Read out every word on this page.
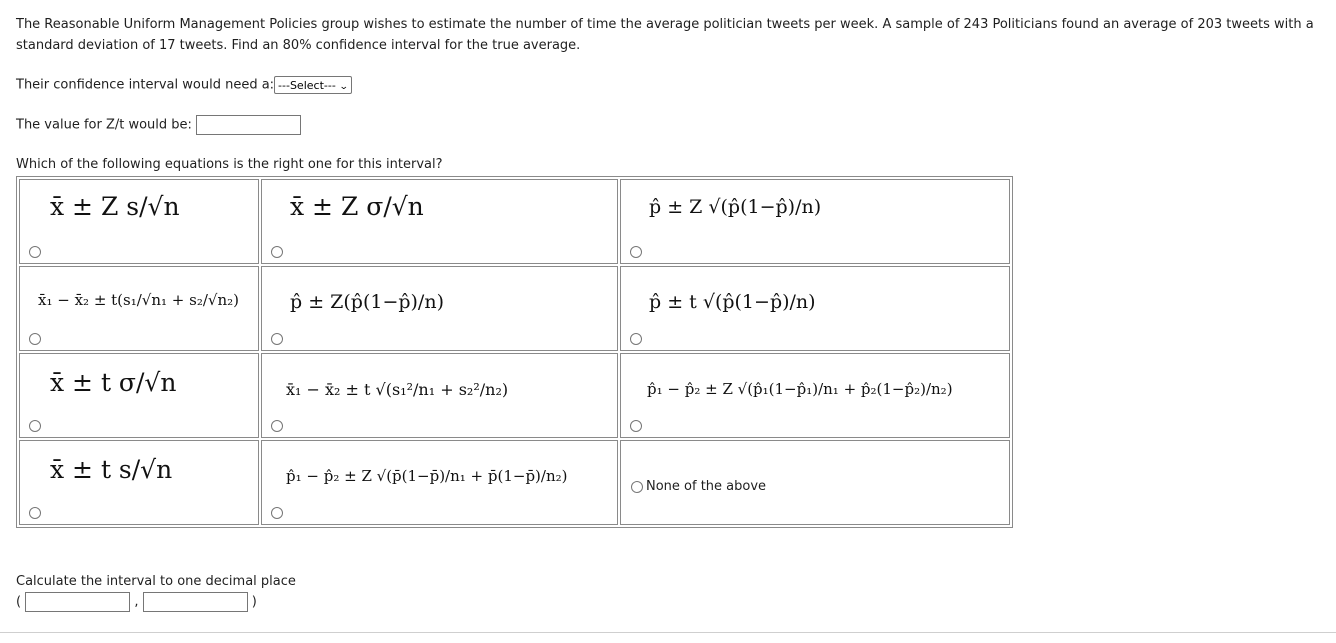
The Reasonable Uniform Management Policies group wishes to estimate the number of time the average politician tweets per week. A sample of 243 Politicians found an average of 203 tweets with a standard deviation of 17 tweets. Find an 80% confidence interval for the true average.
Their confidence interval would need a: ---Select--- ⌄
The value for Z/t would be:
Which of the following equations is the right one for this interval?
x̄ ± Z s/√n	x̄ ± Z σ/√n	p̂ ± Z √(p̂(1−p̂)/n)

x̄₁ − x̄₂ ± t(s₁/√n₁ + s₂/√n₂)	p̂ ± Z(p̂(1−p̂)/n)	p̂ ± t √(p̂(1−p̂)/n)

x̄ ± t σ/√n	x̄₁ − x̄₂ ± t √(s₁²/n₁ + s₂²/n₂)	p̂₁ − p̂₂ ± Z √(p̂₁(1−p̂₁)/n₁ + p̂₂(1−p̂₂)/n₂)

x̄ ± t s/√n	p̂₁ − p̂₂ ± Z √(p̄(1−p̄)/n₁ + p̄(1−p̄)/n₂)	None of the above
Calculate the interval to one decimal place
(	,	)
